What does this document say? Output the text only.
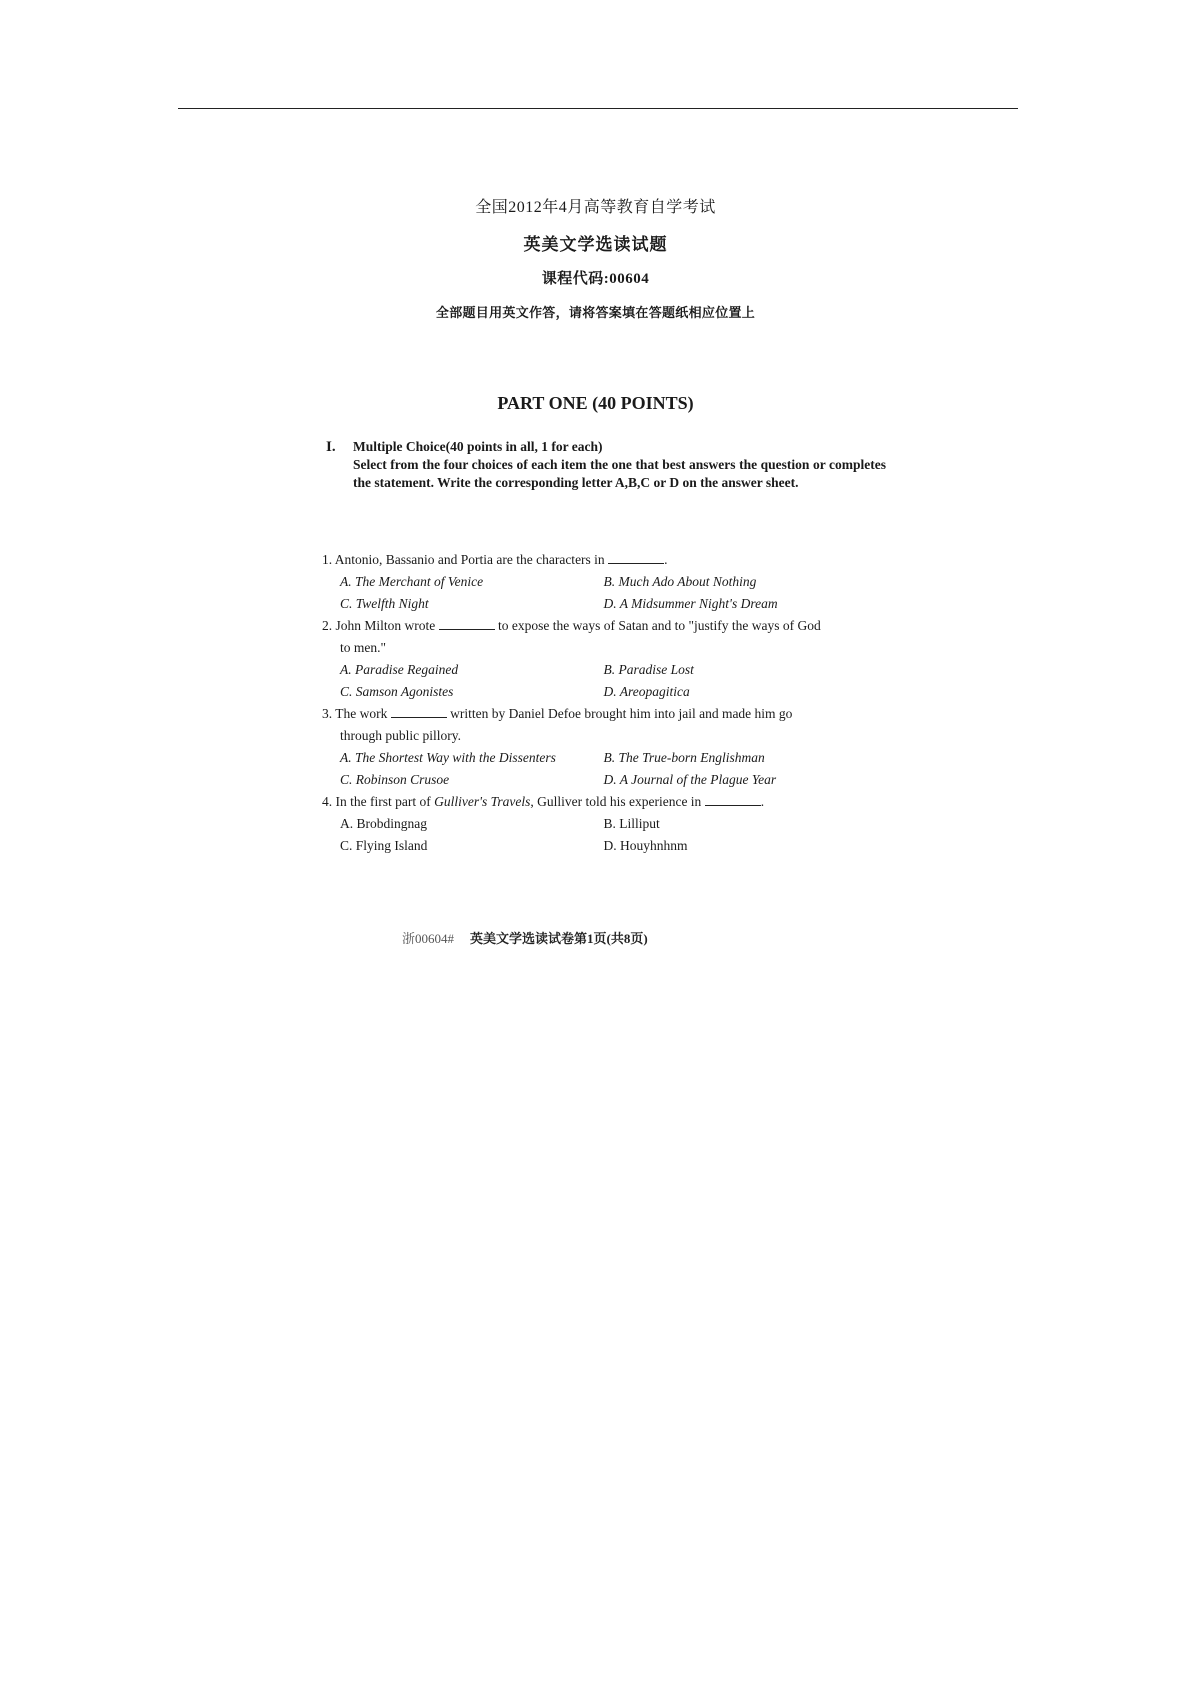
全国2012年4月高等教育自学考试
英美文学选读试题
课程代码:00604
全部题目用英文作答，请将答案填在答题纸相应位置上
PART ONE (40 POINTS)
I. Multiple Choice(40 points in all, 1 for each)
Select from the four choices of each item the one that best answers the question or completes the statement. Write the corresponding letter A,B,C or D on the answer sheet.
1. Antonio, Bassanio and Portia are the characters in	.
A. The Merchant of Venice	B. Much Ado About Nothing
C. Twelfth Night	D. A Midsummer Night's Dream
2. John Milton wrote	to expose the ways of Satan and to "justify the ways of God
to men."
A. Paradise Regained	B. Paradise Lost
C. Samson Agonistes	D. Areopagitica
3. The work	written by Daniel Defoe brought him into jail and made him go
through public pillory.
A. The Shortest Way with the Dissenters	B. The True-born Englishman
C. Robinson Crusoe	D. A Journal of the Plague Year
4. In the first part of Gulliver's Travels, Gulliver told his experience in	.
A. Brobdingnag	B. Lilliput
C. Flying Island	D. Houyhnhnm
浙00604# 英美文学选读试卷第1页(共8页)
